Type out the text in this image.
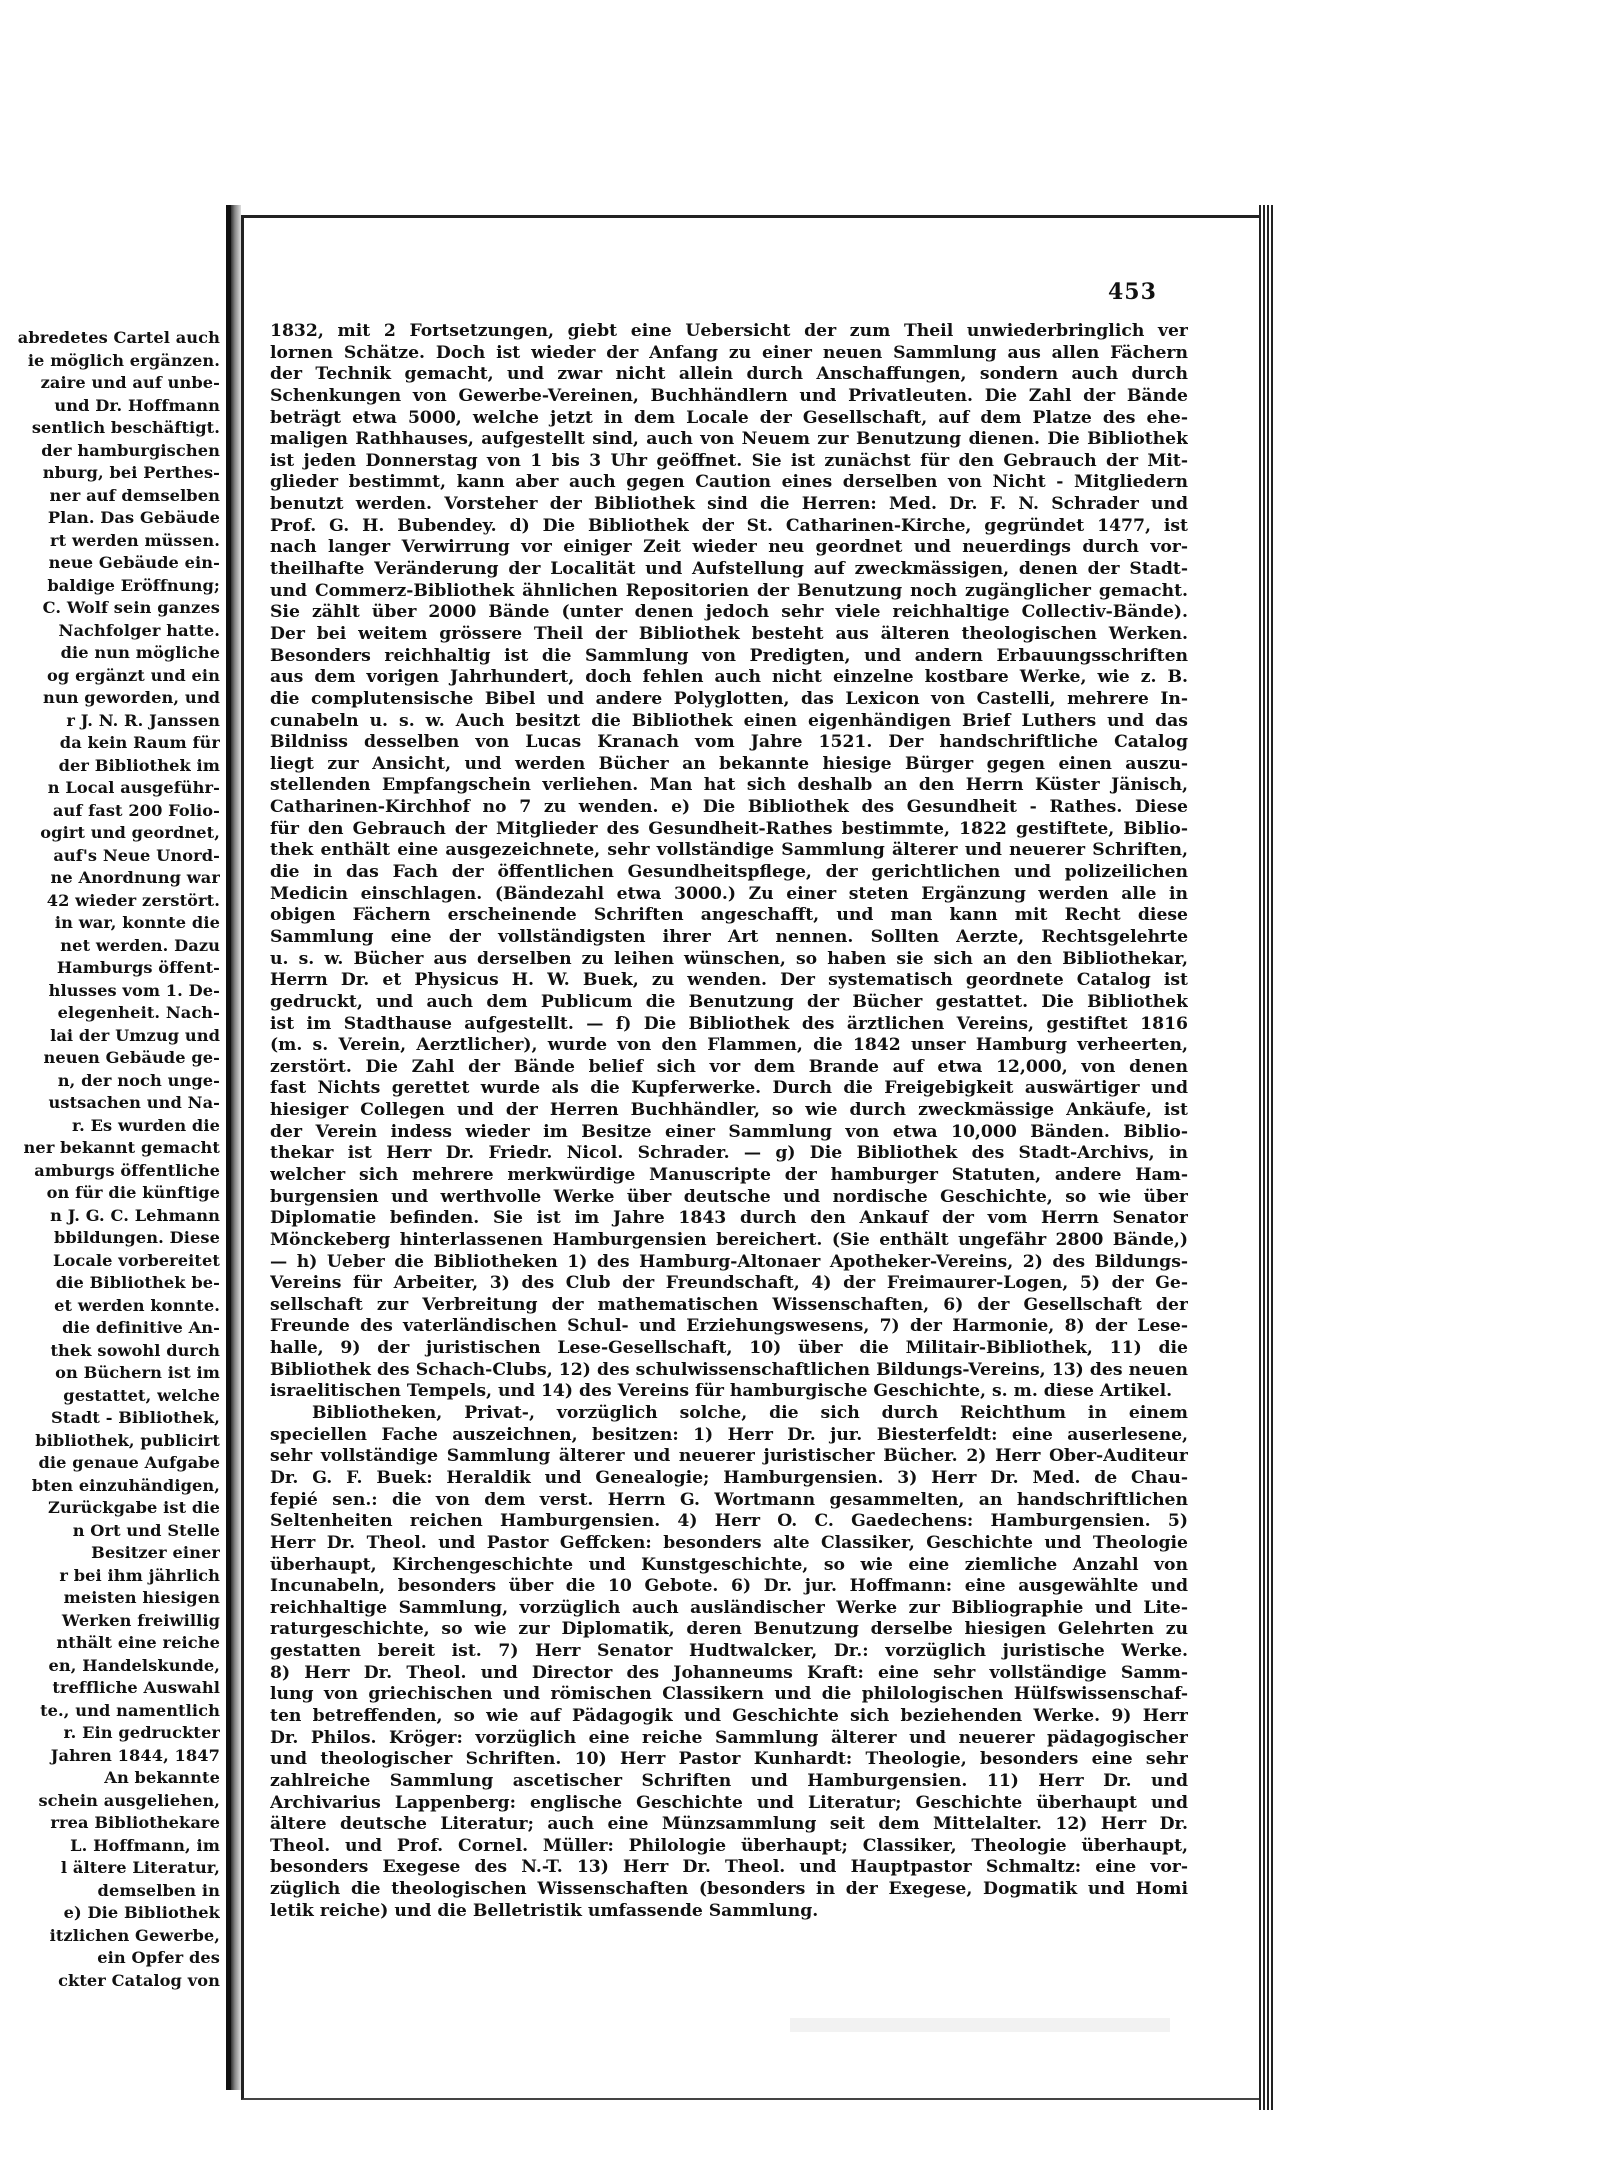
abredetes Cartel auch
ie möglich ergänzen.
zaire und auf unbe-
und Dr. Hoffmann
sentlich beschäftigt.
der hamburgischen
nburg, bei Perthes-
ner auf demselben
Plan. Das Gebäude
rt werden müssen.
neue Gebäude ein-
baldige Eröffnung;
C. Wolf sein ganzes
Nachfolger hatte.
die nun mögliche
og ergänzt und ein
nun geworden, und
r J. N. R. Janssen
da kein Raum für
der Bibliothek im
n Local ausgeführ-
auf fast 200 Folio-
ogirt und geordnet,
auf's Neue Unord-
ne Anordnung war
42 wieder zerstört.
in war, konnte die
net werden. Dazu
Hamburgs öffent-
hlusses vom 1. De-
elegenheit. Nach-
lai der Umzug und
neuen Gebäude ge-
n, der noch unge-
ustsachen und Na-
r. Es wurden die
ner bekannt gemacht
amburgs öffentliche
on für die künftige
n J. G. C. Lehmann
bbildungen. Diese
Locale vorbereitet
die Bibliothek be-
et werden konnte.
die definitive An-
thek sowohl durch
on Büchern ist im
gestattet, welche
Stadt - Bibliothek,
bibliothek, publicirt
die genaue Aufgabe
bten einzuhändigen,
Zurückgabe ist die
n Ort und Stelle
Besitzer einer
r bei ihm jährlich
meisten hiesigen
Werken freiwillig
nthält eine reiche
en, Handelskunde,
treffliche Auswahl
te., und namentlich
r. Ein gedruckter
Jahren 1844, 1847
An bekannte
schein ausgeliehen,
rrea Bibliothekare
L. Hoffmann, im
l ältere Literatur,
demselben in
e) Die Bibliothek
itzlichen Gewerbe,
ein Opfer des
ckter Catalog von
453
1832, mit 2 Fortsetzungen, giebt eine Uebersicht der zum Theil unwiederbringlich ver
lornen Schätze. Doch ist wieder der Anfang zu einer neuen Sammlung aus allen Fächern
der Technik gemacht, und zwar nicht allein durch Anschaffungen, sondern auch durch
Schenkungen von Gewerbe-Vereinen, Buchhändlern und Privatleuten. Die Zahl der Bände
beträgt etwa 5000, welche jetzt in dem Locale der Gesellschaft, auf dem Platze des ehe-
maligen Rathhauses, aufgestellt sind, auch von Neuem zur Benutzung dienen. Die Bibliothek
ist jeden Donnerstag von 1 bis 3 Uhr geöffnet. Sie ist zunächst für den Gebrauch der Mit-
glieder bestimmt, kann aber auch gegen Caution eines derselben von Nicht - Mitgliedern
benutzt werden. Vorsteher der Bibliothek sind die Herren: Med. Dr. F. N. Schrader und
Prof. G. H. Bubendey. d) Die Bibliothek der St. Catharinen-Kirche, gegründet 1477, ist
nach langer Verwirrung vor einiger Zeit wieder neu geordnet und neuerdings durch vor-
theilhafte Veränderung der Localität und Aufstellung auf zweckmässigen, denen der Stadt-
und Commerz-Bibliothek ähnlichen Repositorien der Benutzung noch zugänglicher gemacht.
Sie zählt über 2000 Bände (unter denen jedoch sehr viele reichhaltige Collectiv-Bände).
Der bei weitem grössere Theil der Bibliothek besteht aus älteren theologischen Werken.
Besonders reichhaltig ist die Sammlung von Predigten, und andern Erbauungsschriften
aus dem vorigen Jahrhundert, doch fehlen auch nicht einzelne kostbare Werke, wie z. B.
die complutensische Bibel und andere Polyglotten, das Lexicon von Castelli, mehrere In-
cunabeln u. s. w. Auch besitzt die Bibliothek einen eigenhändigen Brief Luthers und das
Bildniss desselben von Lucas Kranach vom Jahre 1521. Der handschriftliche Catalog
liegt zur Ansicht, und werden Bücher an bekannte hiesige Bürger gegen einen auszu-
stellenden Empfangschein verliehen. Man hat sich deshalb an den Herrn Küster Jänisch,
Catharinen-Kirchhof no 7 zu wenden. e) Die Bibliothek des Gesundheit - Rathes. Diese
für den Gebrauch der Mitglieder des Gesundheit-Rathes bestimmte, 1822 gestiftete, Biblio-
thek enthält eine ausgezeichnete, sehr vollständige Sammlung älterer und neuerer Schriften,
die in das Fach der öffentlichen Gesundheitspflege, der gerichtlichen und polizeilichen
Medicin einschlagen. (Bändezahl etwa 3000.) Zu einer steten Ergänzung werden alle in
obigen Fächern erscheinende Schriften angeschafft, und man kann mit Recht diese
Sammlung eine der vollständigsten ihrer Art nennen. Sollten Aerzte, Rechtsgelehrte
u. s. w. Bücher aus derselben zu leihen wünschen, so haben sie sich an den Bibliothekar,
Herrn Dr. et Physicus H. W. Buek, zu wenden. Der systematisch geordnete Catalog ist
gedruckt, und auch dem Publicum die Benutzung der Bücher gestattet. Die Bibliothek
ist im Stadthause aufgestellt. — f) Die Bibliothek des ärztlichen Vereins, gestiftet 1816
(m. s. Verein, Aerztlicher), wurde von den Flammen, die 1842 unser Hamburg verheerten,
zerstört. Die Zahl der Bände belief sich vor dem Brande auf etwa 12,000, von denen
fast Nichts gerettet wurde als die Kupferwerke. Durch die Freigebigkeit auswärtiger und
hiesiger Collegen und der Herren Buchhändler, so wie durch zweckmässige Ankäufe, ist
der Verein indess wieder im Besitze einer Sammlung von etwa 10,000 Bänden. Biblio-
thekar ist Herr Dr. Friedr. Nicol. Schrader. — g) Die Bibliothek des Stadt-Archivs, in
welcher sich mehrere merkwürdige Manuscripte der hamburger Statuten, andere Ham-
burgensien und werthvolle Werke über deutsche und nordische Geschichte, so wie über
Diplomatie befinden. Sie ist im Jahre 1843 durch den Ankauf der vom Herrn Senator
Mönckeberg hinterlassenen Hamburgensien bereichert. (Sie enthält ungefähr 2800 Bände,)
— h) Ueber die Bibliotheken 1) des Hamburg-Altonaer Apotheker-Vereins, 2) des Bildungs-
Vereins für Arbeiter, 3) des Club der Freundschaft, 4) der Freimaurer-Logen, 5) der Ge-
sellschaft zur Verbreitung der mathematischen Wissenschaften, 6) der Gesellschaft der
Freunde des vaterländischen Schul- und Erziehungswesens, 7) der Harmonie, 8) der Lese-
halle, 9) der juristischen Lese-Gesellschaft, 10) über die Militair-Bibliothek, 11) die
Bibliothek des Schach-Clubs, 12) des schulwissenschaftlichen Bildungs-Vereins, 13) des neuen
israelitischen Tempels, und 14) des Vereins für hamburgische Geschichte, s. m. diese Artikel.
Bibliotheken, Privat-, vorzüglich solche, die sich durch Reichthum in einem
speciellen Fache auszeichnen, besitzen: 1) Herr Dr. jur. Biesterfeldt: eine auserlesene,
sehr vollständige Sammlung älterer und neuerer juristischer Bücher. 2) Herr Ober-Auditeur
Dr. G. F. Buek: Heraldik und Genealogie; Hamburgensien. 3) Herr Dr. Med. de Chau-
fepié sen.: die von dem verst. Herrn G. Wortmann gesammelten, an handschriftlichen
Seltenheiten reichen Hamburgensien. 4) Herr O. C. Gaedechens: Hamburgensien. 5)
Herr Dr. Theol. und Pastor Geffcken: besonders alte Classiker, Geschichte und Theologie
überhaupt, Kirchengeschichte und Kunstgeschichte, so wie eine ziemliche Anzahl von
Incunabeln, besonders über die 10 Gebote. 6) Dr. jur. Hoffmann: eine ausgewählte und
reichhaltige Sammlung, vorzüglich auch ausländischer Werke zur Bibliographie und Lite-
raturgeschichte, so wie zur Diplomatik, deren Benutzung derselbe hiesigen Gelehrten zu
gestatten bereit ist. 7) Herr Senator Hudtwalcker, Dr.: vorzüglich juristische Werke.
8) Herr Dr. Theol. und Director des Johanneums Kraft: eine sehr vollständige Samm-
lung von griechischen und römischen Classikern und die philologischen Hülfswissenschaf-
ten betreffenden, so wie auf Pädagogik und Geschichte sich beziehenden Werke. 9) Herr
Dr. Philos. Kröger: vorzüglich eine reiche Sammlung älterer und neuerer pädagogischer
und theologischer Schriften. 10) Herr Pastor Kunhardt: Theologie, besonders eine sehr
zahlreiche Sammlung ascetischer Schriften und Hamburgensien. 11) Herr Dr. und
Archivarius Lappenberg: englische Geschichte und Literatur; Geschichte überhaupt und
ältere deutsche Literatur; auch eine Münzsammlung seit dem Mittelalter. 12) Herr Dr.
Theol. und Prof. Cornel. Müller: Philologie überhaupt; Classiker, Theologie überhaupt,
besonders Exegese des N.-T. 13) Herr Dr. Theol. und Hauptpastor Schmaltz: eine vor-
züglich die theologischen Wissenschaften (besonders in der Exegese, Dogmatik und Homi
letik reiche) und die Belletristik umfassende Sammlung.
